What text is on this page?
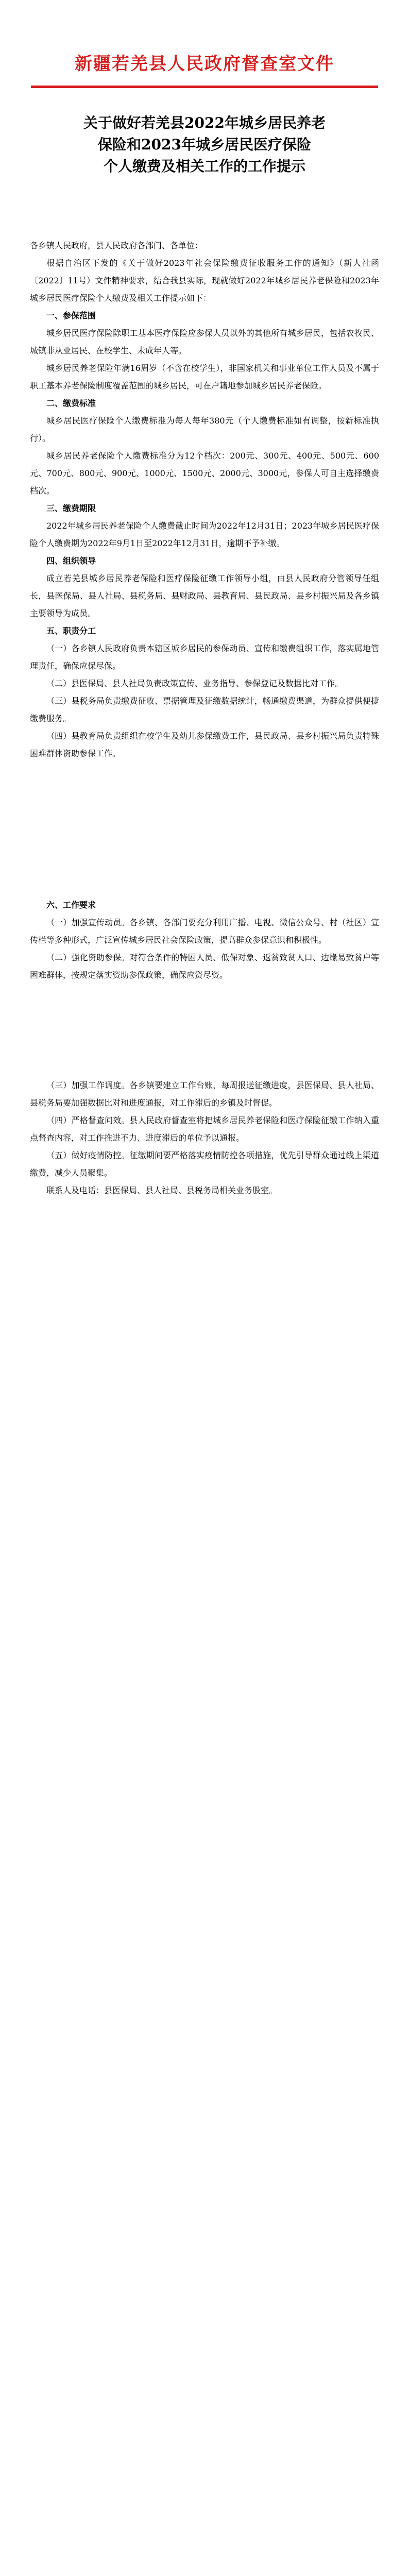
新疆若羌县人民政府督查室文件
关于做好若羌县2022年城乡居民养老
保险和2023年城乡居民医疗保险
个人缴费及相关工作的工作提示

各乡镇人民政府，县人民政府各部门、各单位：

根据自治区下发的《关于做好2023年社会保险缴费征收服务工作的通知》（新人社函〔2022〕11号）文件精神要求，结合我县实际，现就做好2022年城乡居民养老保险和2023年城乡居民医疗保险个人缴费及相关工作提示如下：

一、参保范围

城乡居民医疗保险除职工基本医疗保险应参保人员以外的其他所有城乡居民，包括农牧民、城镇非从业居民、在校学生、未成年人等。

城乡居民养老保险年满16周岁（不含在校学生），非国家机关和事业单位工作人员及不属于职工基本养老保险制度覆盖范围的城乡居民，可在户籍地参加城乡居民养老保险。

二、缴费标准

城乡居民医疗保险个人缴费标准为每人每年380元（个人缴费标准如有调整，按新标准执行）。

城乡居民养老保险个人缴费标准分为12个档次：200元、300元、400元、500元、600元、700元、800元、900元、1000元、1500元、2000元、3000元，参保人可自主选择缴费档次。

三、缴费期限

2022年城乡居民养老保险个人缴费截止时间为2022年12月31日；2023年城乡居民医疗保险个人缴费期为2022年9月1日至2022年12月31日，逾期不予补缴。

四、组织领导

成立若羌县城乡居民养老保险和医疗保险征缴工作领导小组，由县人民政府分管领导任组长，县医保局、县人社局、县税务局、县财政局、县教育局、县民政局、县乡村振兴局及各乡镇主要领导为成员。

五、职责分工

（一）各乡镇人民政府负责本辖区城乡居民的参保动员、宣传和缴费组织工作，落实属地管理责任，确保应保尽保。

（二）县医保局、县人社局负责政策宣传、业务指导、参保登记及数据比对工作。

（三）县税务局负责缴费征收、票据管理及征缴数据统计，畅通缴费渠道，为群众提供便捷缴费服务。

（四）县教育局负责组织在校学生及幼儿参保缴费工作，县民政局、县乡村振兴局负责特殊困难群体资助参保工作。

六、工作要求

（一）加强宣传动员。各乡镇、各部门要充分利用广播、电视、微信公众号、村（社区）宣传栏等多种形式，广泛宣传城乡居民社会保险政策，提高群众参保意识和积极性。

（二）强化资助参保。对符合条件的特困人员、低保对象、返贫致贫人口、边缘易致贫户等困难群体，按规定落实资助参保政策，确保应资尽资。

（三）加强工作调度。各乡镇要建立工作台账，每周报送征缴进度，县医保局、县人社局、县税务局要加强数据比对和进度通报，对工作滞后的乡镇及时督促。

（四）严格督查问效。县人民政府督查室将把城乡居民养老保险和医疗保险征缴工作纳入重点督查内容，对工作推进不力、进度滞后的单位予以通报。

（五）做好疫情防控。征缴期间要严格落实疫情防控各项措施，优先引导群众通过线上渠道缴费，减少人员聚集。

联系人及电话：县医保局、县人社局、县税务局相关业务股室。
